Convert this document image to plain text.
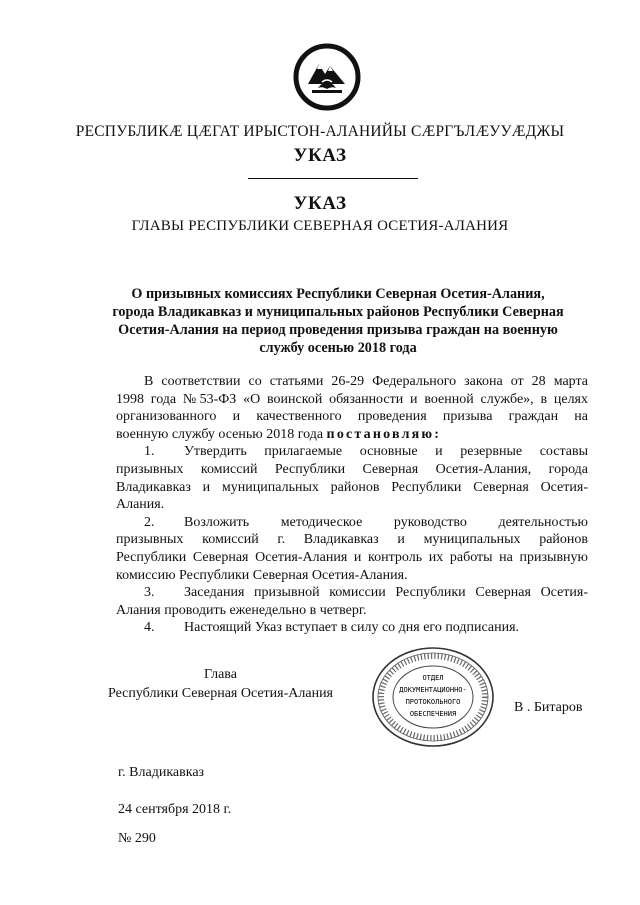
РЕСПУБЛИКӔ ЦӔГАТ ИРЫСТОН-АЛАНИЙЫ СӔРГЪЛӔУУӔДЖЫ
УКАЗ
УКАЗ
ГЛАВЫ РЕСПУБЛИКИ СЕВЕРНАЯ ОСЕТИЯ-АЛАНИЯ
О призывных комиссиях Республики Северная Осетия-Алания,
города Владикавказ и муниципальных районов Республики Северная
Осетия-Алания на период проведения призыва граждан на военную
службу осенью 2018 года
В соответствии со статьями 26-29 Федерального закона от 28 марта
1998 года №53-ФЗ «О воинской обязанности и военной службе», в целях
организованного и качественного проведения призыва граждан на
военную службу осенью 2018 года постановляю:
1. Утвердить прилагаемые основные и резервные составы
призывных комиссий Республики Северная Осетия-Алания, города
Владикавказ и муниципальных районов Республики Северная Осетия-
Алания.
2. Возложить методическое руководство деятельностью
призывных комиссий г. Владикавказ и муниципальных районов
Республики Северная Осетия-Алания и контроль их работы на призывную
комиссию Республики Северная Осетия-Алания.
3. Заседания призывной комиссии Республики Северная Осетия-
Алания проводить еженедельно в четверг.
4. Настоящий Указ вступает в силу со дня его подписания.
Глава
Республики Северная Осетия-Алания
ОТДЕЛ
ДОКУМЕНТАЦИОННО-
ПРОТОКОЛЬНОГО
ОБЕСПЕЧЕНИЯ	В . Битаров
г. Владикавказ
24 сентября 2018 г.
№ 290
